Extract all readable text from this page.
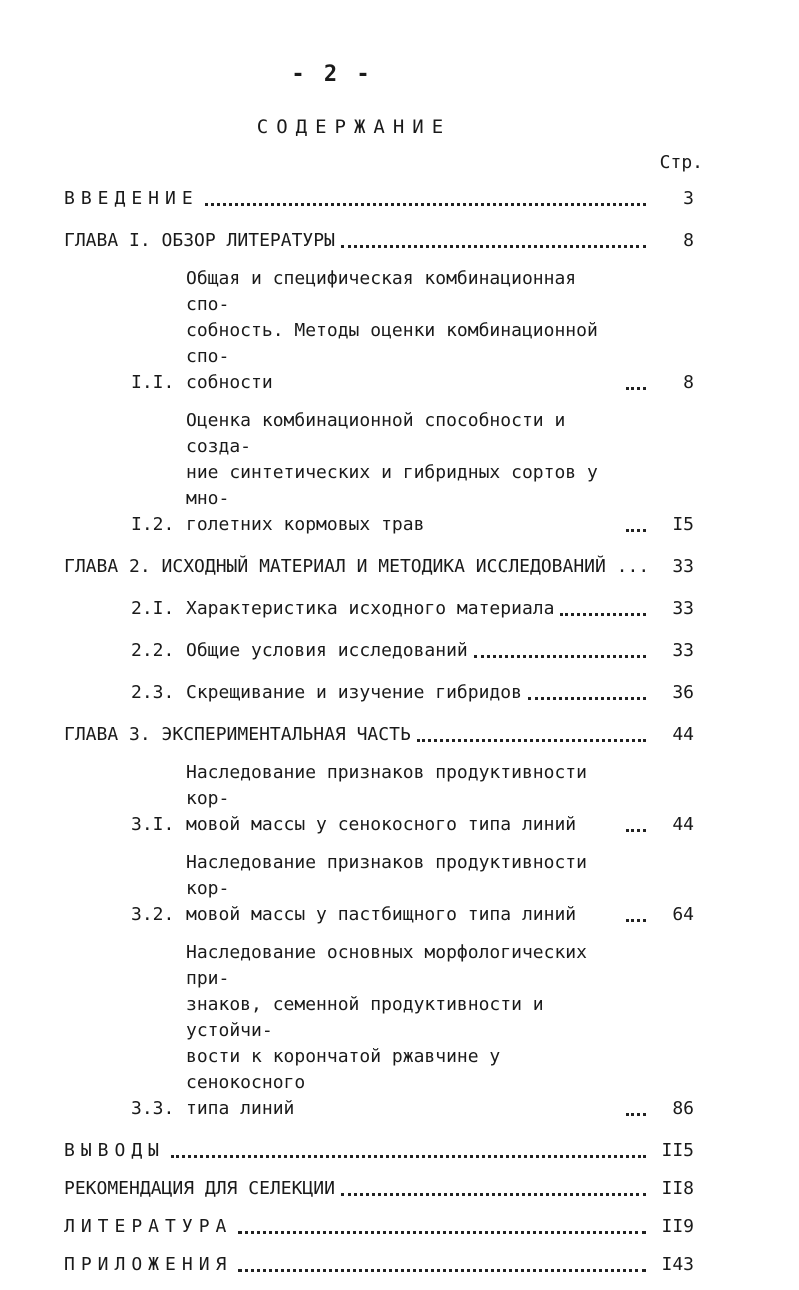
- 2 -
СОДЕРЖАНИЕ
Стр.
ВВЕДЕНИЕ	3
ГЛАВА I. ОБЗОР ЛИТЕРАТУРЫ	8
I.I.
Общая и специфическая комбинационная спо-
собность. Методы оценки комбинационной спо-
собности	8
I.2.
Оценка комбинационной способности и созда-
ние синтетических и гибридных сортов у мно-
голетних кормовых трав	I5
ГЛАВА 2. ИСХОДНЫЙ МАТЕРИАЛ И МЕТОДИКА ИССЛЕДОВАНИЙ ...	33
2.I. Характеристика исходного материала	33
2.2. Общие условия исследований	33
2.3. Скрещивание и изучение гибридов	36
ГЛАВА 3. ЭКСПЕРИМЕНТАЛЬНАЯ ЧАСТЬ	44
3.I.
Наследование признаков продуктивности кор-
мовой массы у сенокосного типа линий	44
3.2.
Наследование признаков продуктивности кор-
мовой массы у пастбищного типа линий	64
3.3.
Наследование основных морфологических при-
знаков, семенной продуктивности и устойчи-
вости к корончатой ржавчине у сенокосного
типа линий	86
ВЫВОДЫ	II5
РЕКОМЕНДАЦИЯ ДЛЯ СЕЛЕКЦИИ	II8
ЛИТЕРАТУРА	II9
ПРИЛОЖЕНИЯ	I43
